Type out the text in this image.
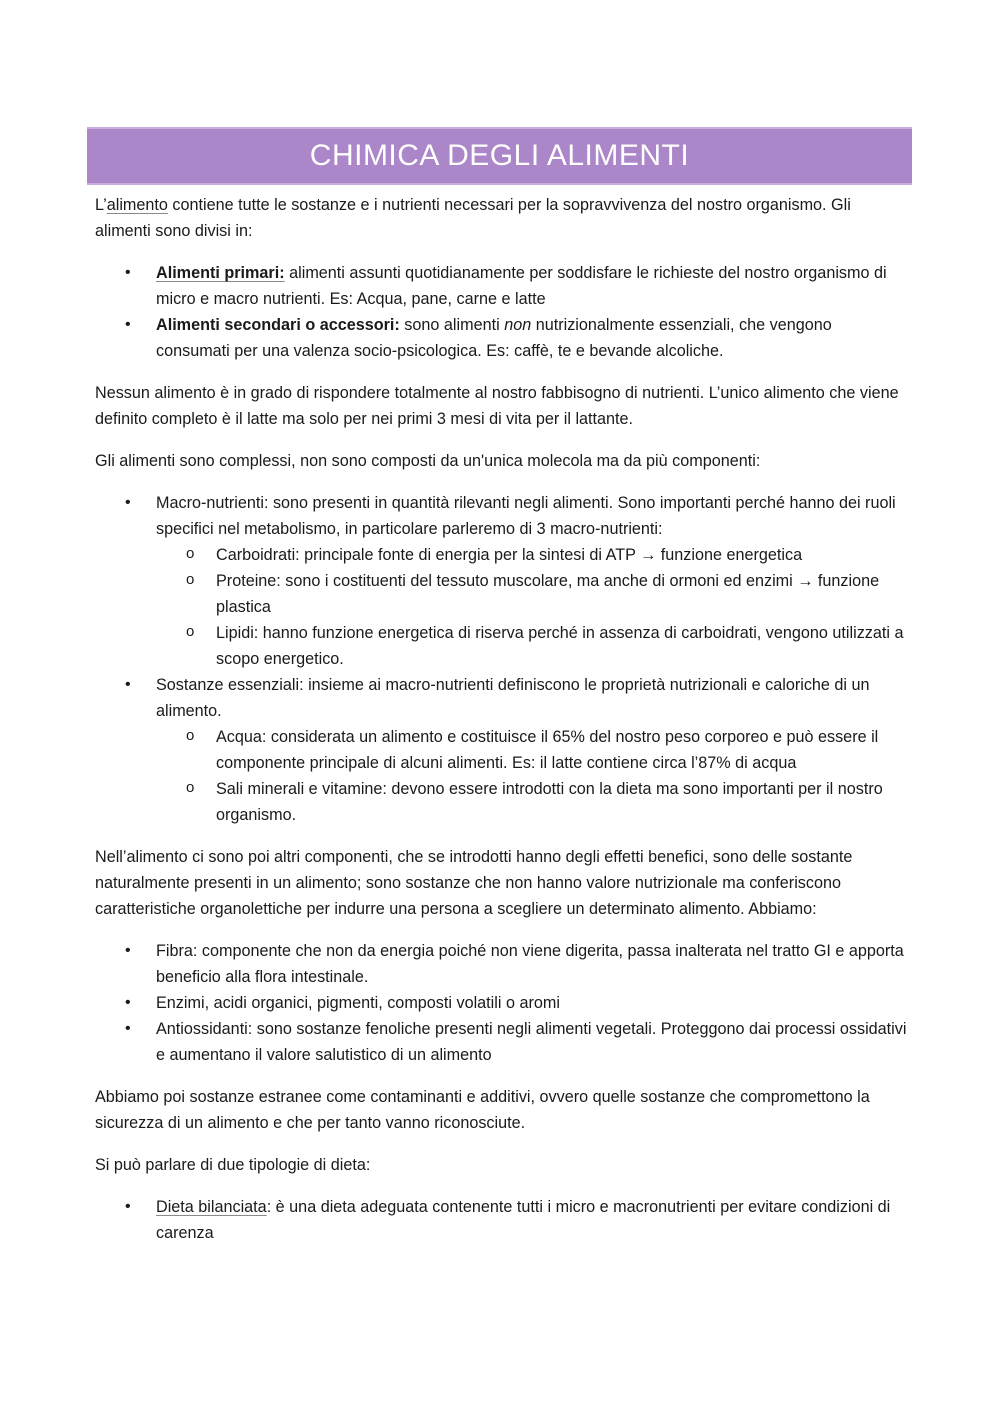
CHIMICA DEGLI ALIMENTI

L’alimento contiene tutte le sostanze e i nutrienti necessari per la sopravvivenza del nostro organismo. Gli alimenti sono divisi in:

• Alimenti primari: alimenti assunti quotidianamente per soddisfare le richieste del nostro organismo di micro e macro nutrienti. Es: Acqua, pane, carne e latte
• Alimenti secondari o accessori: sono alimenti non nutrizionalmente essenziali, che vengono consumati per una valenza socio-psicologica. Es: caffè, te e bevande alcoliche.

Nessun alimento è in grado di rispondere totalmente al nostro fabbisogno di nutrienti. L’unico alimento che viene definito completo è il latte ma solo per nei primi 3 mesi di vita per il lattante.

Gli alimenti sono complessi, non sono composti da un'unica molecola ma da più componenti:

• Macro-nutrienti: sono presenti in quantità rilevanti negli alimenti. Sono importanti perché hanno dei ruoli specifici nel metabolismo, in particolare parleremo di 3 macro-nutrienti:
o Carboidrati: principale fonte di energia per la sintesi di ATP → funzione energetica
o Proteine: sono i costituenti del tessuto muscolare, ma anche di ormoni ed enzimi → funzione plastica
o Lipidi: hanno funzione energetica di riserva perché in assenza di carboidrati, vengono utilizzati a scopo energetico.
• Sostanze essenziali: insieme ai macro-nutrienti definiscono le proprietà nutrizionali e caloriche di un alimento.
o Acqua: considerata un alimento e costituisce il 65% del nostro peso corporeo e può essere il componente principale di alcuni alimenti. Es: il latte contiene circa l’87% di acqua
o Sali minerali e vitamine: devono essere introdotti con la dieta ma sono importanti per il nostro organismo.

Nell’alimento ci sono poi altri componenti, che se introdotti hanno degli effetti benefici, sono delle sostante naturalmente presenti in un alimento; sono sostanze che non hanno valore nutrizionale ma conferiscono caratteristiche organolettiche per indurre una persona a scegliere un determinato alimento. Abbiamo:

• Fibra: componente che non da energia poiché non viene digerita, passa inalterata nel tratto GI e apporta beneficio alla flora intestinale.
• Enzimi, acidi organici, pigmenti, composti volatili o aromi
• Antiossidanti: sono sostanze fenoliche presenti negli alimenti vegetali. Proteggono dai processi ossidativi e aumentano il valore salutistico di un alimento

Abbiamo poi sostanze estranee come contaminanti e additivi, ovvero quelle sostanze che compromettono la sicurezza di un alimento e che per tanto vanno riconosciute.

Si può parlare di due tipologie di dieta:

• Dieta bilanciata: è una dieta adeguata contenente tutti i micro e macronutrienti per evitare condizioni di carenza
